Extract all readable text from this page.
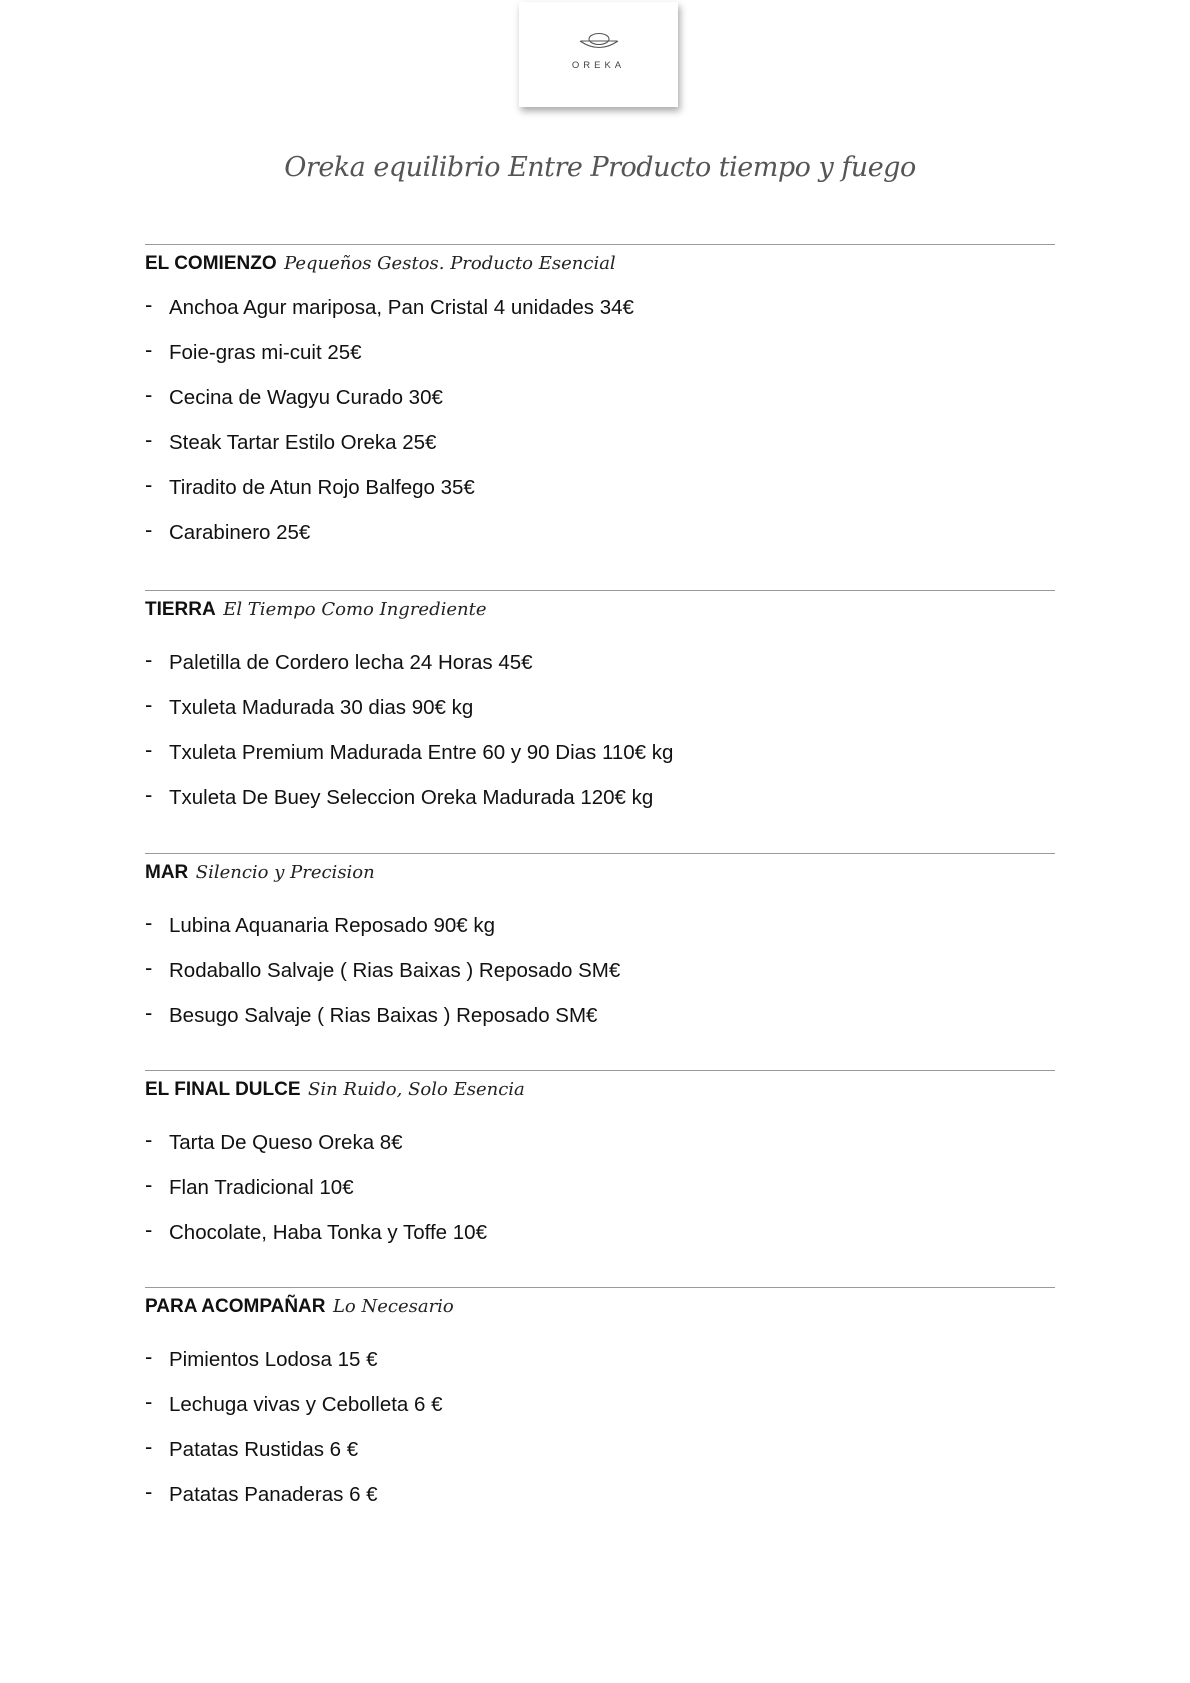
OREKA
Oreka equilibrio Entre Producto tiempo y fuego
EL COMIENZO Pequeños Gestos. Producto Esencial
- Anchoa Agur mariposa, Pan Cristal 4 unidades 34€
- Foie-gras mi-cuit 25€
- Cecina de Wagyu Curado 30€
- Steak Tartar Estilo Oreka 25€
- Tiradito de Atun Rojo Balfego 35€
- Carabinero 25€
TIERRA El Tiempo Como Ingrediente
- Paletilla de Cordero lecha 24 Horas 45€
- Txuleta Madurada 30 dias 90€ kg
- Txuleta Premium Madurada Entre 60 y 90 Dias 110€ kg
- Txuleta De Buey Seleccion Oreka Madurada 120€ kg
MAR Silencio y Precision
- Lubina Aquanaria Reposado 90€ kg
- Rodaballo Salvaje ( Rias Baixas ) Reposado SM€
- Besugo Salvaje ( Rias Baixas ) Reposado SM€
EL FINAL DULCE Sin Ruido, Solo Esencia
- Tarta De Queso Oreka 8€
- Flan Tradicional 10€
- Chocolate, Haba Tonka y Toffe 10€
PARA ACOMPAÑAR Lo Necesario
- Pimientos Lodosa 15 €
- Lechuga vivas y Cebolleta 6 €
- Patatas Rustidas 6 €
- Patatas Panaderas 6 €
